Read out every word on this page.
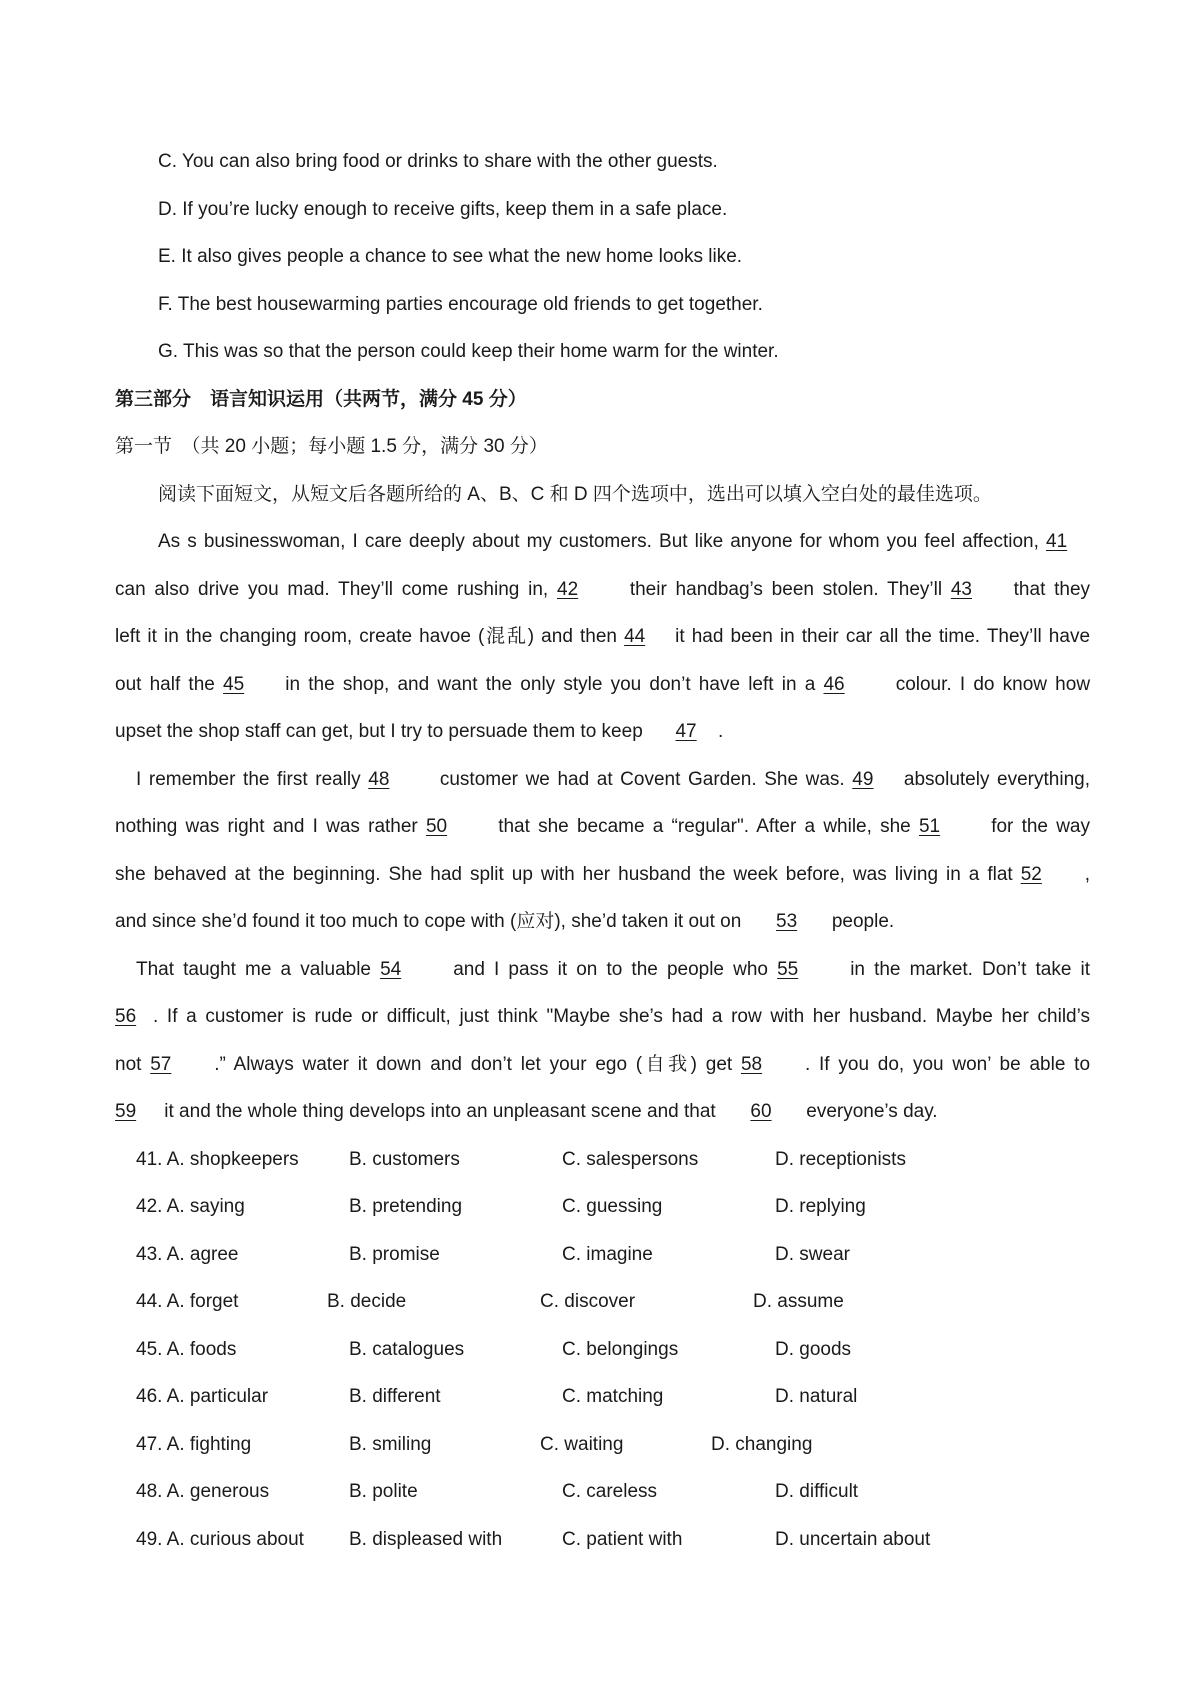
C. You can also bring food or drinks to share with the other guests.
D. If you’re lucky enough to receive gifts, keep them in a safe place.
E. It also gives people a chance to see what the new home looks like.
F. The best housewarming parties encourage old friends to get together.
G. This was so that the person could keep their home warm for the winter.
第三部分　语言知识运用（共两节，满分 45 分）
第一节　（共 20 小题；每小题 1.5 分，满分 30 分）
阅读下面短文，从短文后各题所给的 A、B、C 和 D 四个选项中，选出可以填入空白处的最佳选项。
As s businesswoman, I care deeply about my customers. But like anyone for whom you feel affection, 41
can also drive you mad. They’ll come rushing in, 42	their handbag’s been stolen. They’ll 43 that they
left it in the changing room, create havoe (混乱) and then 44 it had been in their car all the time. They’ll have
out half the 45 in the shop, and want the only style you don’t have left in a 46	colour. I do know how
upset the shop staff can get, but I try to persuade them to keep 47 .
I remember the first really 48	customer we had at Covent Garden. She was. 49 absolutely everything,
nothing was right and I was rather 50	that she became a “regular". After a while, she 51	for the way
she behaved at the beginning. She had split up with her husband the week before, was living in a flat 52 ,
and since she’d found it too much to cope with (应对), she’d taken it out on 53 people.
That taught me a valuable 54	and I pass it on to the people who 55	in the market. Don’t take it
56 . If a customer is rude or difficult, just think "Maybe she’s had a row with her husband. Maybe her child’s
not 57 .” Always water it down and don’t let your ego (自我) get 58 . If you do, you won’ be able to
59 it and the whole thing develops into an unpleasant scene and that 60 everyone’s day.
41. A. shopkeepers	B. customers	C. salespersons	D. receptionists
42. A. saying	B. pretending	C. guessing	D. replying
43. A. agree	B. promise	C. imagine	D. swear
44. A. forget	B. decide	C. discover	D. assume
45. A. foods	B. catalogues	C. belongings	D. goods
46. A. particular	B. different	C. matching	D. natural
47. A. fighting	B. smiling	C. waiting	D. changing
48. A. generous	B. polite	C. careless	D. difficult
49. A. curious about B. displeased with	C. patient with	D. uncertain about
